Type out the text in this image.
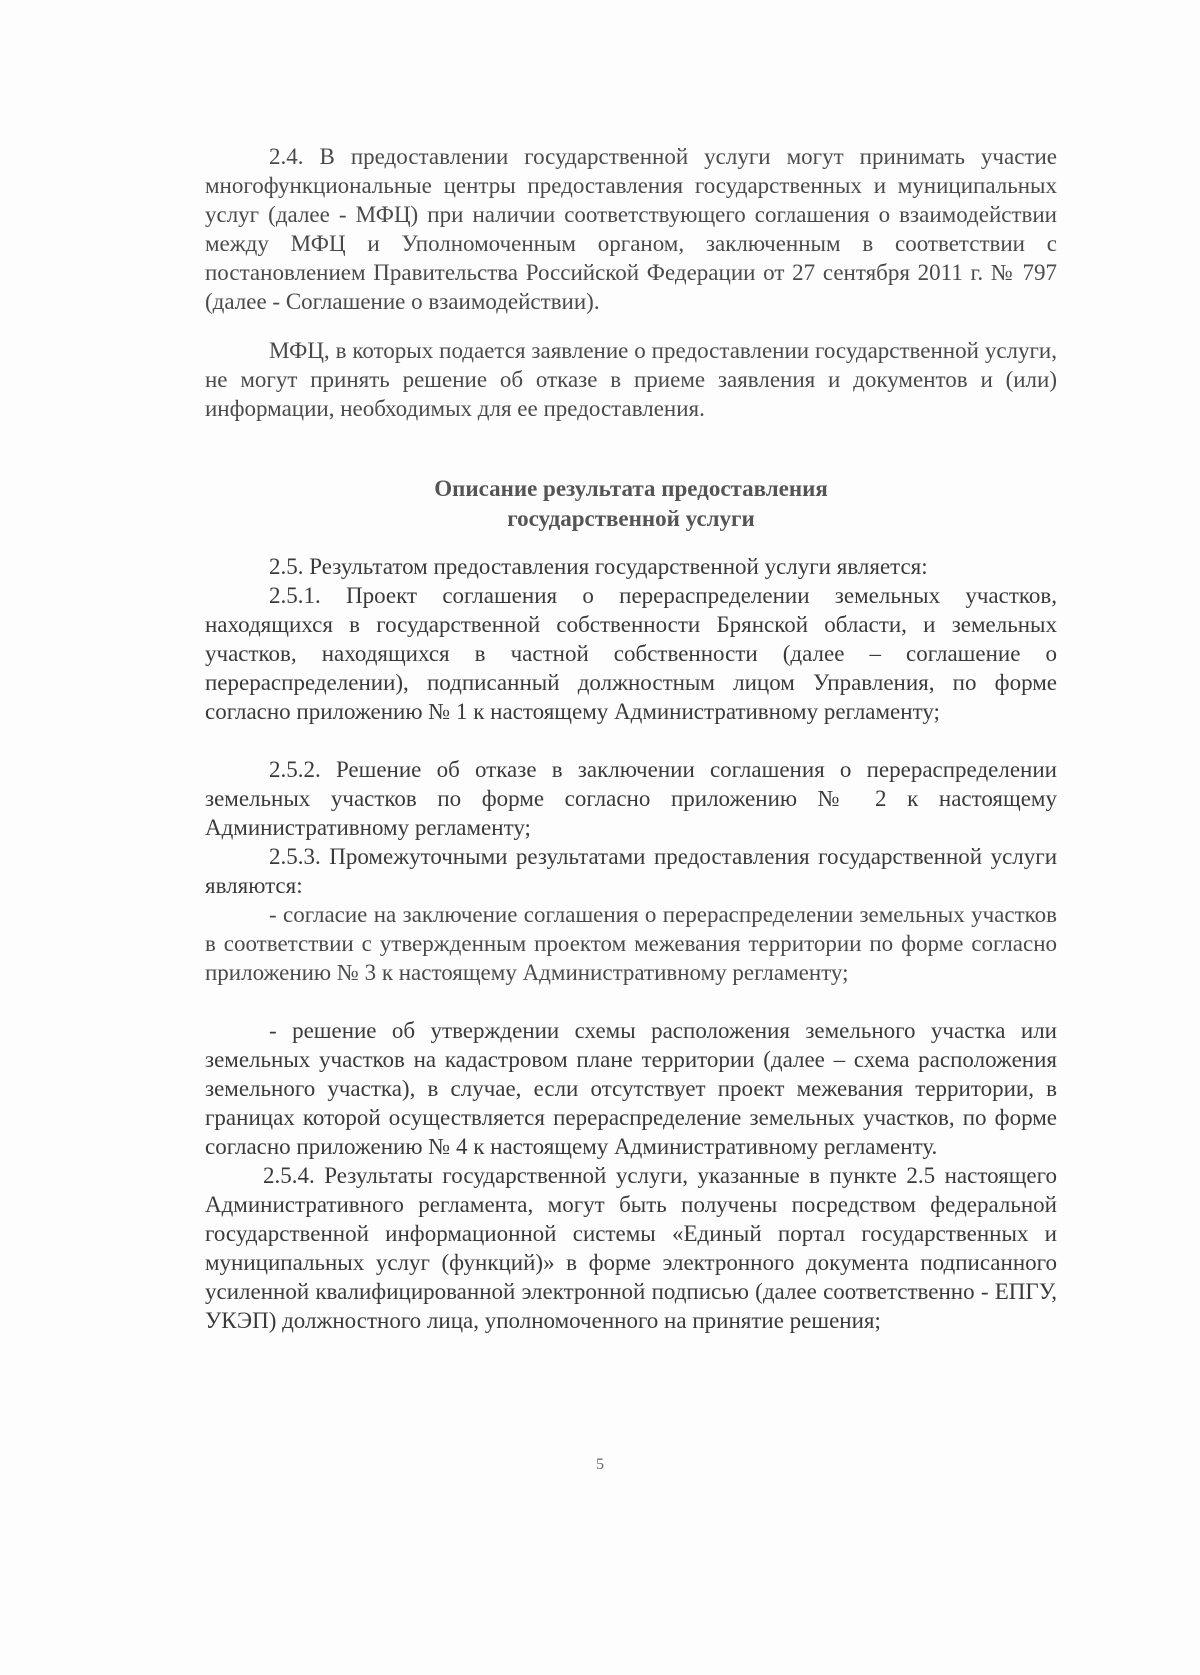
2.4. В предоставлении государственной услуги могут принимать участие многофункциональные центры предоставления государственных и муниципальных услуг (далее - МФЦ) при наличии соответствующего соглашения о взаимодействии между МФЦ и Уполномоченным органом, заключенным в соответствии с постановлением Правительства Российской Федерации от 27 сентября 2011 г. № 797 (далее - Соглашение о взаимодействии).

МФЦ, в которых подается заявление о предоставлении государственной услуги, не могут принять решение об отказе в приеме заявления и документов и (или) информации, необходимых для ее предоставления.

Описание результата предоставления
государственной услуги

2.5. Результатом предоставления государственной услуги является:

2.5.1. Проект соглашения о перераспределении земельных участков, находящихся в государственной собственности Брянской области, и земельных участков, находящихся в частной собственности (далее – соглашение о перераспределении), подписанный должностным лицом Управления, по форме согласно приложению № 1 к настоящему Административному регламенту;

2.5.2. Решение об отказе в заключении соглашения о перераспределении земельных участков по форме согласно приложению № 2 к настоящему Административному регламенту;

2.5.3. Промежуточными результатами предоставления государственной услуги являются:

- согласие на заключение соглашения о перераспределении земельных участков в соответствии с утвержденным проектом межевания территории по форме согласно приложению № 3 к настоящему Административному регламенту;

- решение об утверждении схемы расположения земельного участка или земельных участков на кадастровом плане территории (далее – схема расположения земельного участка), в случае, если отсутствует проект межевания территории, в границах которой осуществляется перераспределение земельных участков, по форме согласно приложению № 4 к настоящему Административному регламенту.

2.5.4. Результаты государственной услуги, указанные в пункте 2.5 настоящего Административного регламента, могут быть получены посредством федеральной государственной информационной системы «Единый портал государственных и муниципальных услуг (функций)» в форме электронного документа подписанного усиленной квалифицированной электронной подписью (далее соответственно - ЕПГУ, УКЭП) должностного лица, уполномоченного на принятие решения;

5
